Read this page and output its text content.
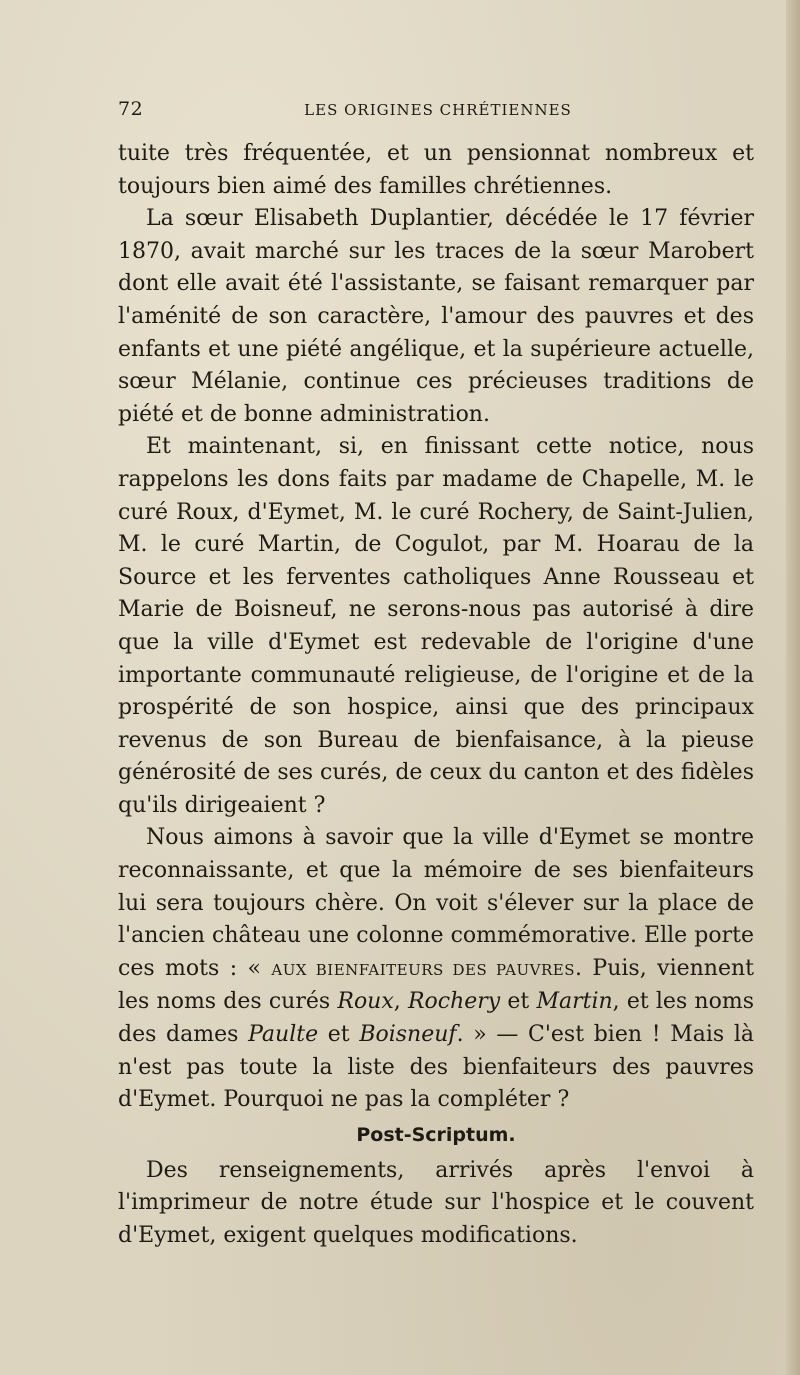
72	LES ORIGINES CHRÉTIENNES

tuite très fréquentée, et un pensionnat nombreux et toujours bien aimé des familles chrétiennes.

La sœur Elisabeth Duplantier, décédée le 17 février 1870, avait marché sur les traces de la sœur Marobert dont elle avait été l'assistante, se faisant remarquer par l'aménité de son caractère, l'amour des pauvres et des enfants et une piété angélique, et la supérieure actuelle, sœur Mélanie, continue ces précieuses traditions de piété et de bonne administration.

Et maintenant, si, en finissant cette notice, nous rappelons les dons faits par madame de Chapelle, M. le curé Roux, d'Eymet, M. le curé Rochery, de Saint-Julien, M. le curé Martin, de Cogulot, par M. Hoarau de la Source et les ferventes catholiques Anne Rousseau et Marie de Boisneuf, ne serons-nous pas autorisé à dire que la ville d'Eymet est redevable de l'origine d'une importante communauté religieuse, de l'origine et de la prospérité de son hospice, ainsi que des principaux revenus de son Bureau de bienfaisance, à la pieuse générosité de ses curés, de ceux du canton et des fidèles qu'ils dirigeaient ?

Nous aimons à savoir que la ville d'Eymet se montre reconnaissante, et que la mémoire de ses bienfaiteurs lui sera toujours chère. On voit s'élever sur la place de l'ancien château une colonne commémorative. Elle porte ces mots : « AUX BIENFAITEURS DES PAUVRES. Puis, viennent les noms des curés Roux, Rochery et Martin, et les noms des dames Paulte et Boisneuf. » — C'est bien ! Mais là n'est pas toute la liste des bienfaiteurs des pauvres d'Eymet. Pourquoi ne pas la compléter ?

Post-Scriptum.

Des renseignements, arrivés après l'envoi à l'imprimeur de notre étude sur l'hospice et le couvent d'Eymet, exigent quelques modifications.
